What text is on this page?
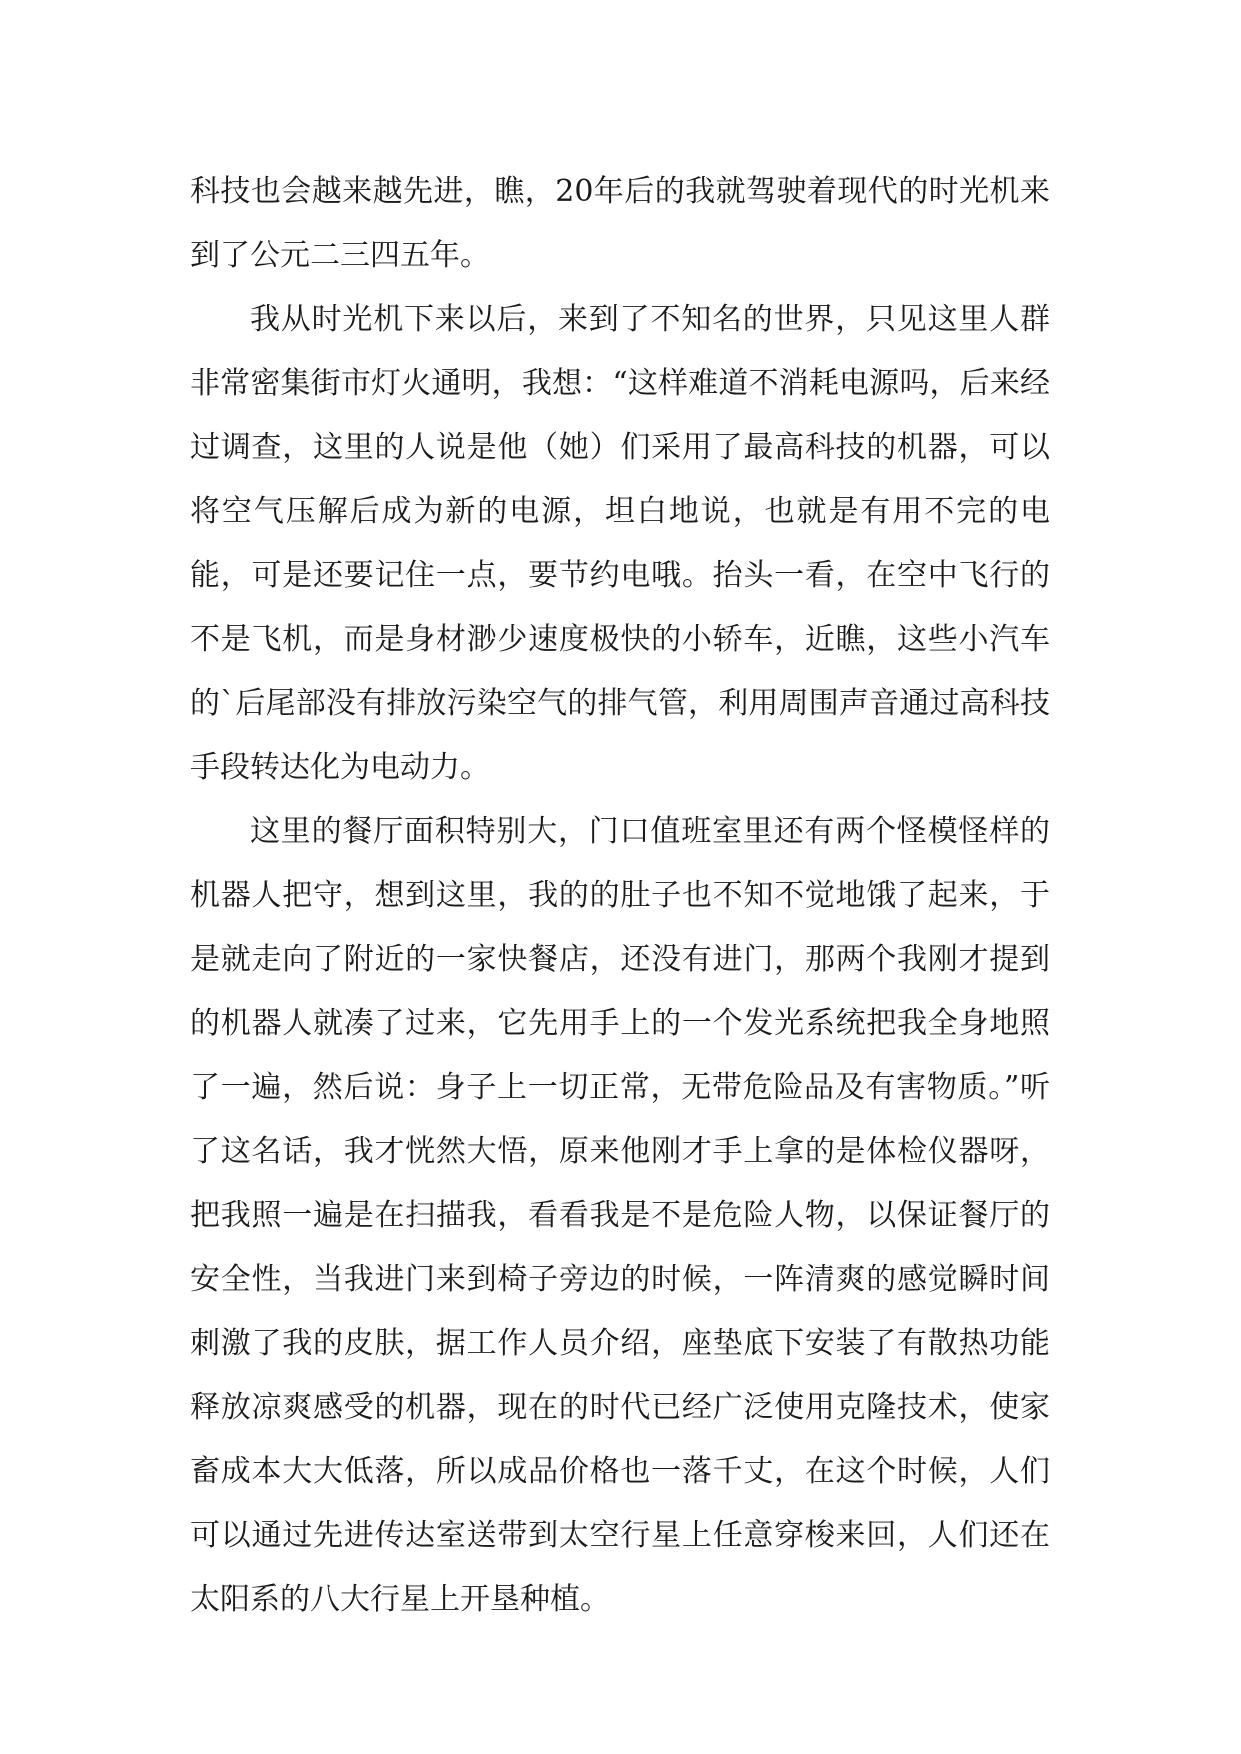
科技也会越来越先进，瞧，20年后的我就驾驶着现代的时光机来到了公元二三四五年。

我从时光机下来以后，来到了不知名的世界，只见这里人群非常密集街市灯火通明，我想：“这样难道不消耗电源吗，后来经过调查，这里的人说是他（她）们采用了最高科技的机器，可以将空气压解后成为新的电源，坦白地说，也就是有用不完的电能，可是还要记住一点，要节约电哦。抬头一看，在空中飞行的不是飞机，而是身材渺少速度极快的小轿车，近瞧，这些小汽车的`后尾部没有排放污染空气的排气管，利用周围声音通过高科技手段转达化为电动力。

这里的餐厅面积特别大，门口值班室里还有两个怪模怪样的机器人把守，想到这里，我的的肚子也不知不觉地饿了起来，于是就走向了附近的一家快餐店，还没有进门，那两个我刚才提到的机器人就凑了过来，它先用手上的一个发光系统把我全身地照了一遍，然后说：身子上一切正常，无带危险品及有害物质。”听了这名话，我才恍然大悟，原来他刚才手上拿的是体检仪器呀，把我照一遍是在扫描我，看看我是不是危险人物，以保证餐厅的安全性，当我进门来到椅子旁边的时候，一阵清爽的感觉瞬时间刺激了我的皮肤，据工作人员介绍，座垫底下安装了有散热功能释放凉爽感受的机器，现在的时代已经广泛使用克隆技术，使家畜成本大大低落，所以成品价格也一落千丈，在这个时候，人们可以通过先进传达室送带到太空行星上任意穿梭来回，人们还在太阳系的八大行星上开垦种植。
